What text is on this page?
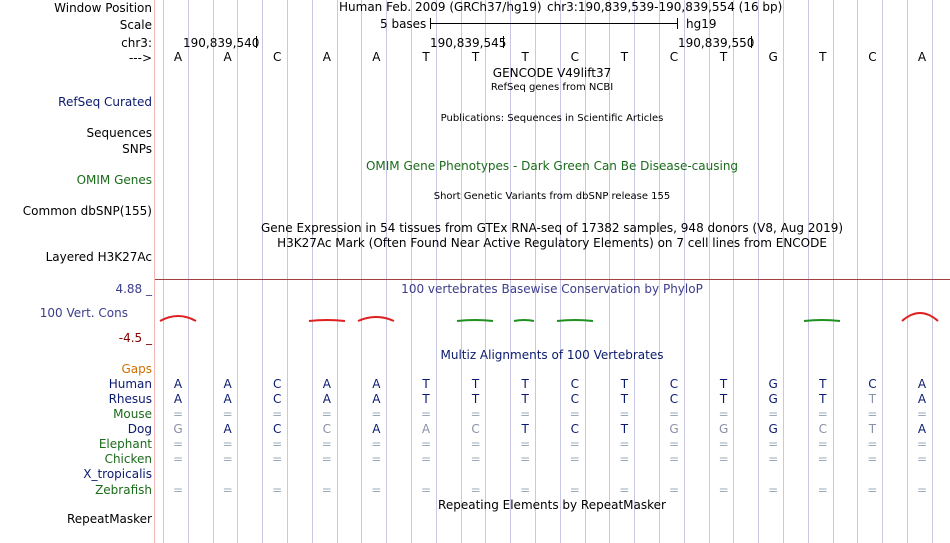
Window Position
Scale
chr3:
--->
RefSeq Curated
Sequences
SNPs
OMIM Genes
Common dbSNP(155)
Layered H3K27Ac
4.88 _
100 Vert. Cons
-4.5 _
Gaps
RepeatMasker
Human Feb. 2009 (GRCh37/hg19) chr3:190,839,539-190,839,554 (16 bp)
5 bases	hg19
190,839,540	190,839,545	190,839,550
A	A	C	A	A	T	T	T	C	T	C	T	G	T	C	A
GENCODE V49lift37
RefSeq genes from NCBI
Publications: Sequences in Scientific Articles
OMIM Gene Phenotypes - Dark Green Can Be Disease-causing
Short Genetic Variants from dbSNP release 155
Gene Expression in 54 tissues from GTEx RNA-seq of 17382 samples, 948 donors (V8, Aug 2019)
H3K27Ac Mark (Often Found Near Active Regulatory Elements) on 7 cell lines from ENCODE
100 vertebrates Basewise Conservation by PhyloP
Multiz Alignments of 100 Vertebrates
Repeating Elements by RepeatMasker
Human	A	A	C	A	A	T	T	T	C	T	C	T	G	T	C	A
Rhesus	A	A	C	A	A	T	T	T	C	T	C	T	G	T	T	A
Mouse	=	=	=	=	=	=	=	=	=	=	=	=	=	=	=	=
Dog	G	A	C	C	A	A	C	T	C	T	G	G	G	C	T	A
Elephant	=	=	=	=	=	=	=	=	=	=	=	=	=	=	=	=
Chicken	=	=	=	=	=	=	=	=	=	=	=	=	=	=	=	=
X_tropicalis
Zebrafish	=	=	=	=	=	=	=	=	=	=	=	=	=	=	=	=
